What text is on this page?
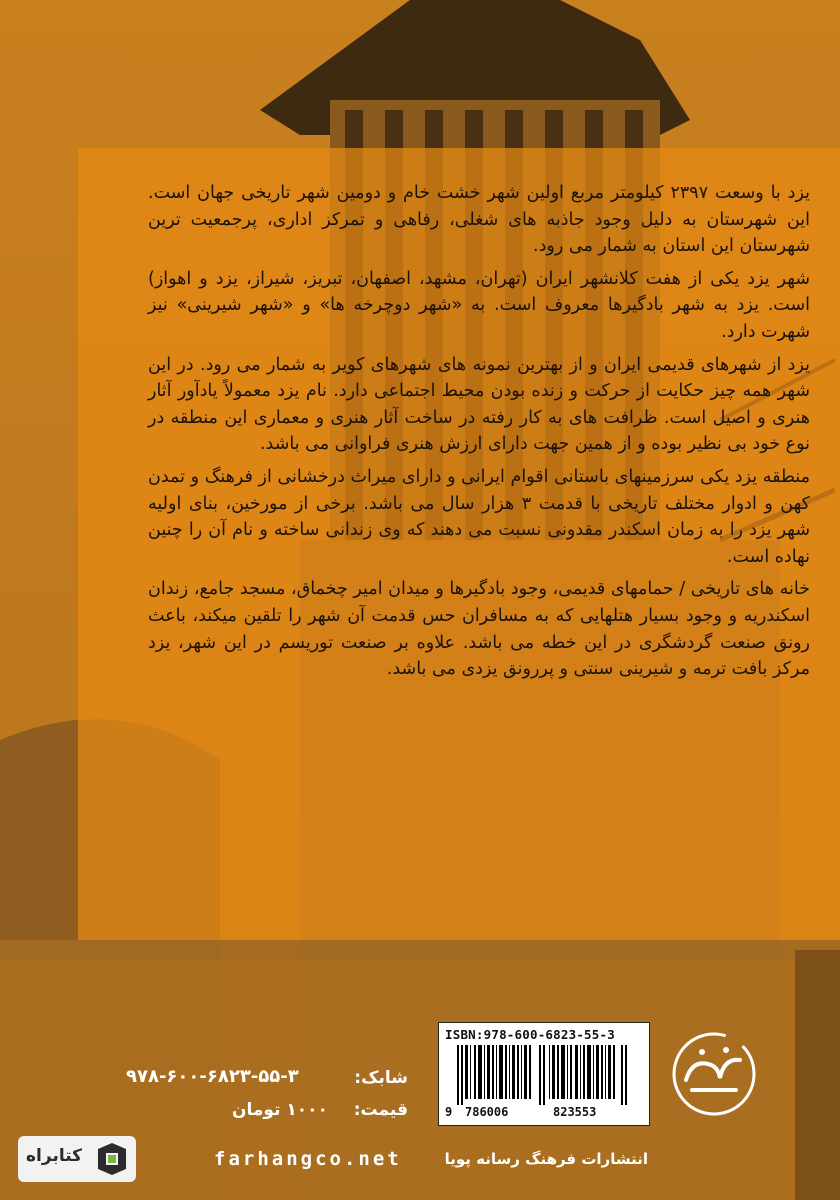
یزد با وسعت ۲۳۹۷ کیلومتر مربع اولین شهر خشت خام و دومین شهر تاریخی جهان است. این شهرستان به دلیل وجود جاذبه های شغلی، رفاهی و تمرکز اداری، پرجمعیت ترین شهرستان این استان به شمار می رود.

شهر یزد یکی از هفت کلانشهر ایران (تهران، مشهد، اصفهان، تبریز، شیراز، یزد و اهواز) است. یزد به شهر بادگیرها معروف است. به «شهر دوچرخه ها» و «شهر شیرینی» نیز شهرت دارد.

یزد از شهرهای قدیمی ایران و از بهترین نمونه های شهرهای کویر به شمار می رود. در این شهر همه چیز حکایت از حرکت و زنده بودن محیط اجتماعی دارد. نام یزد معمولاً یادآور آثار هنری و اصیل است. ظرافت های به کار رفته در ساخت آثار هنری و معماری این منطقه در نوع خود بی نظیر بوده و از همین جهت دارای ارزش هنری فراوانی می باشد.

منطقه یزد یکی سرزمینهای باستانی اقوام ایرانی و دارای میراث درخشانی از فرهنگ و تمدن کهن و ادوار مختلف تاریخی با قدمت ۳ هزار سال می باشد. برخی از مورخین، بنای اولیه شهر یزد را به زمان اسکندر مقدونی نسبت می دهند که وی زندانی ساخته و نام آن را چنین نهاده است.

خانه های تاریخی / حمامهای قدیمی، وجود بادگیرها و میدان امیر چخماق، مسجد جامع، زندان اسکندریه و وجود بسیار هتلهایی که به مسافران حس قدمت آن شهر را تلقین میکند، باعث رونق صنعت گردشگری در این خطه می باشد. علاوه بر صنعت توریسم در این شهر، یزد مرکز بافت ترمه و شیرینی سنتی و پررونق یزدی می باشد.

ISBN:978-600-6823-55-3
9 786006	823553
شابک:
۹۷۸-۶۰۰-۶۸۲۳-۵۵-۳
قیمت:
۱۰۰۰ تومان
farhangco.net	انتشارات فرهنگ رسانه پویا
کتابراه
